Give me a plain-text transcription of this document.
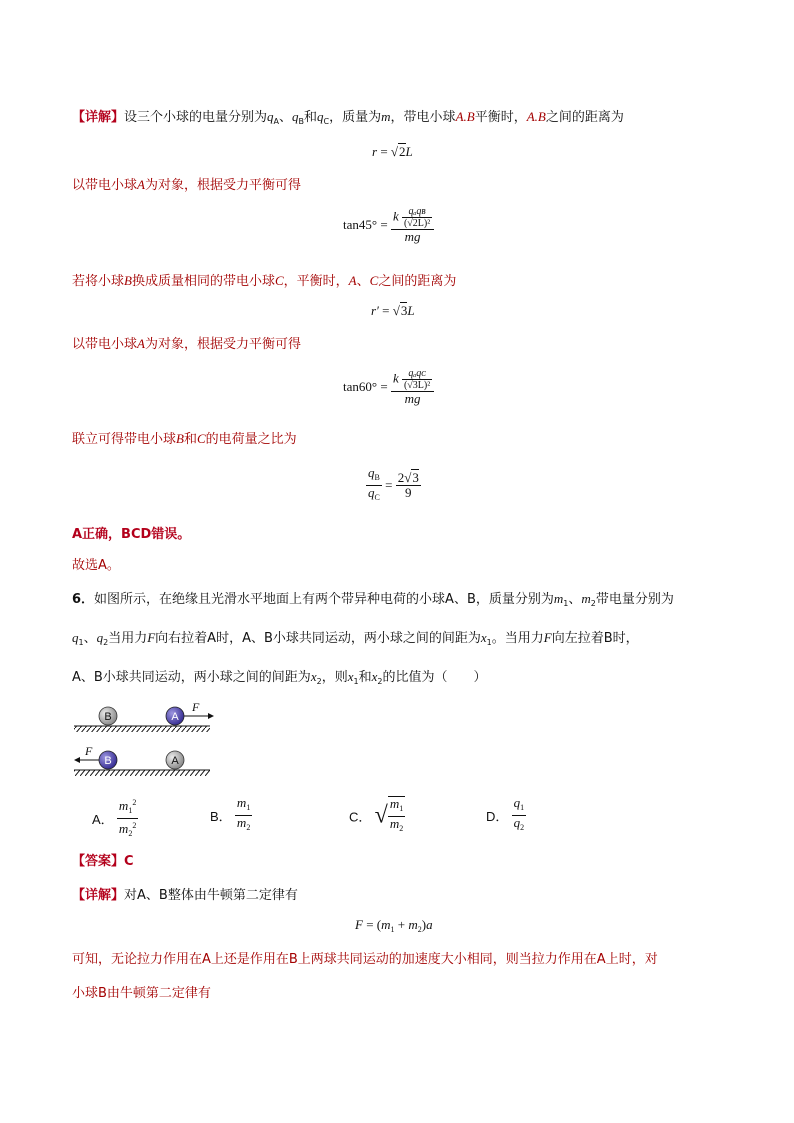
【详解】设三个小球的电量分别为$q_A$、$q_B$和$q_C$，质量为m，带电小球A.B平衡时，A.B之间的距离为
r = √2L
以带电小球A为对象，根据受力平衡可得
$\tan 45^\circ = \frac{k \frac{\text{qₐqʙ}}{\text{(√2L)²}}}{mg}$
若将小球B换成质量相同的带电小球C，平衡时，A、C之间的距离为
r′ = √3L
以带电小球A为对象，根据受力平衡可得
$\tan 60^\circ = \frac{k \frac{\text{qₐqᴄ}}{\text{(√3L)²}}}{mg}$
联立可得带电小球B和C的电荷量之比为
$\frac{q_B}{q_C} = \frac{2√3}{9}$
A正确，BCD错误。
故选A。
6．如图所示，在绝缘且光滑水平地面上有两个带异种电荷的小球A、B，质量分别为$m_1$、$m_2$带电量分别为
$q_1$、$q_2$当用力F向右拉着A时，A、B小球共同运动，两小球之间的间距为$x_1$。当用力F向左拉着B时，
A、B小球共同运动，两小球之间的间距为$x_2$，则$x_1$和$x_2$的比值为（　　）
B	A
F
B	A
F
A． $\frac{m_1^2}{m_2^2}$	B． $\frac{m_1}{m_2}$	C． √ $\frac{m_1}{m_2}$	D． $\frac{q_1}{q_2}$
【答案】C
【详解】对A、B整体由牛顿第二定律有
$F = (m_1 + m_2)a$
可知，无论拉力作用在A上还是作用在B上两球共同运动的加速度大小相同，则当拉力作用在A上时，对
小球B由牛顿第二定律有
